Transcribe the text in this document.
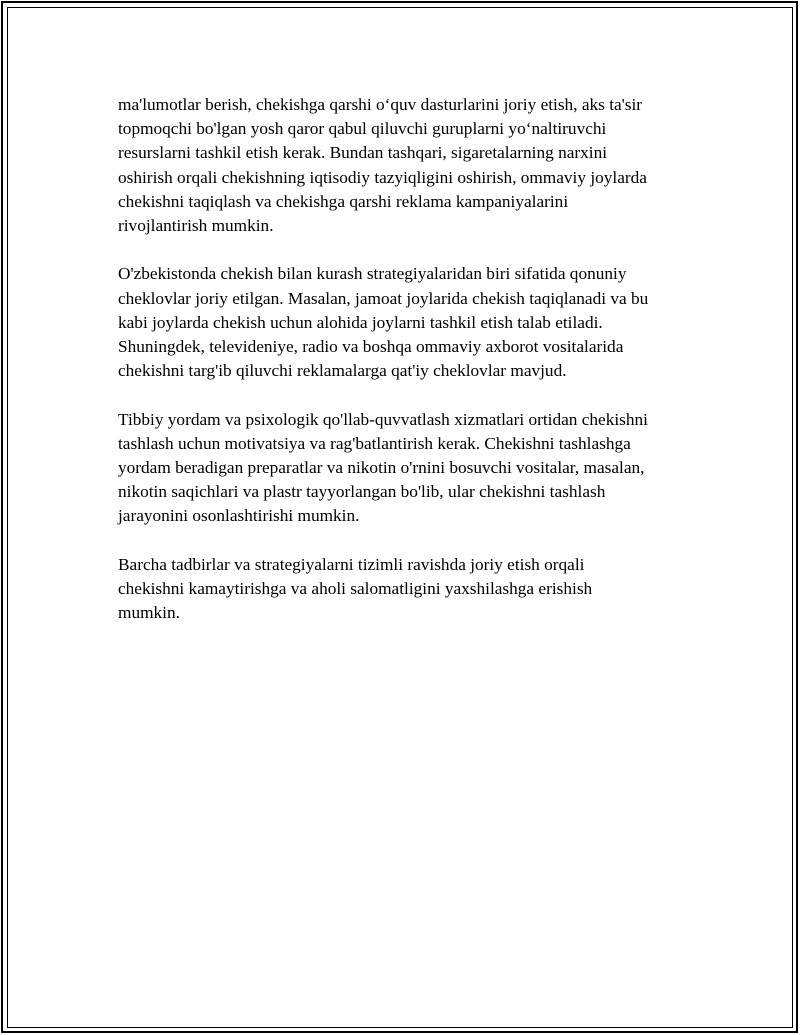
ma'lumotlar berish, chekishga qarshi oʻquv dasturlarini joriy etish, aks ta'sir
topmoqchi bo'lgan yosh qaror qabul qiluvchi guruplarni yoʻnaltiruvchi
resurslarni tashkil etish kerak. Bundan tashqari, sigaretalarning narxini
oshirish orqali chekishning iqtisodiy tazyiqligini oshirish, ommaviy joylarda
chekishni taqiqlash va chekishga qarshi reklama kampaniyalarini
rivojlantirish mumkin.

O'zbekistonda chekish bilan kurash strategiyalaridan biri sifatida qonuniy
cheklovlar joriy etilgan. Masalan, jamoat joylarida chekish taqiqlanadi va bu
kabi joylarda chekish uchun alohida joylarni tashkil etish talab etiladi.
Shuningdek, televideniye, radio va boshqa ommaviy axborot vositalarida
chekishni targ'ib qiluvchi reklamalarga qat'iy cheklovlar mavjud.

Tibbiy yordam va psixologik qo'llab-quvvatlash xizmatlari ortidan chekishni
tashlash uchun motivatsiya va rag'batlantirish kerak. Chekishni tashlashga
yordam beradigan preparatlar va nikotin o'rnini bosuvchi vositalar, masalan,
nikotin saqichlari va plastr tayyorlangan bo'lib, ular chekishni tashlash
jarayonini osonlashtirishi mumkin.

Barcha tadbirlar va strategiyalarni tizimli ravishda joriy etish orqali
chekishni kamaytirishga va aholi salomatligini yaxshilashga erishish
mumkin.
